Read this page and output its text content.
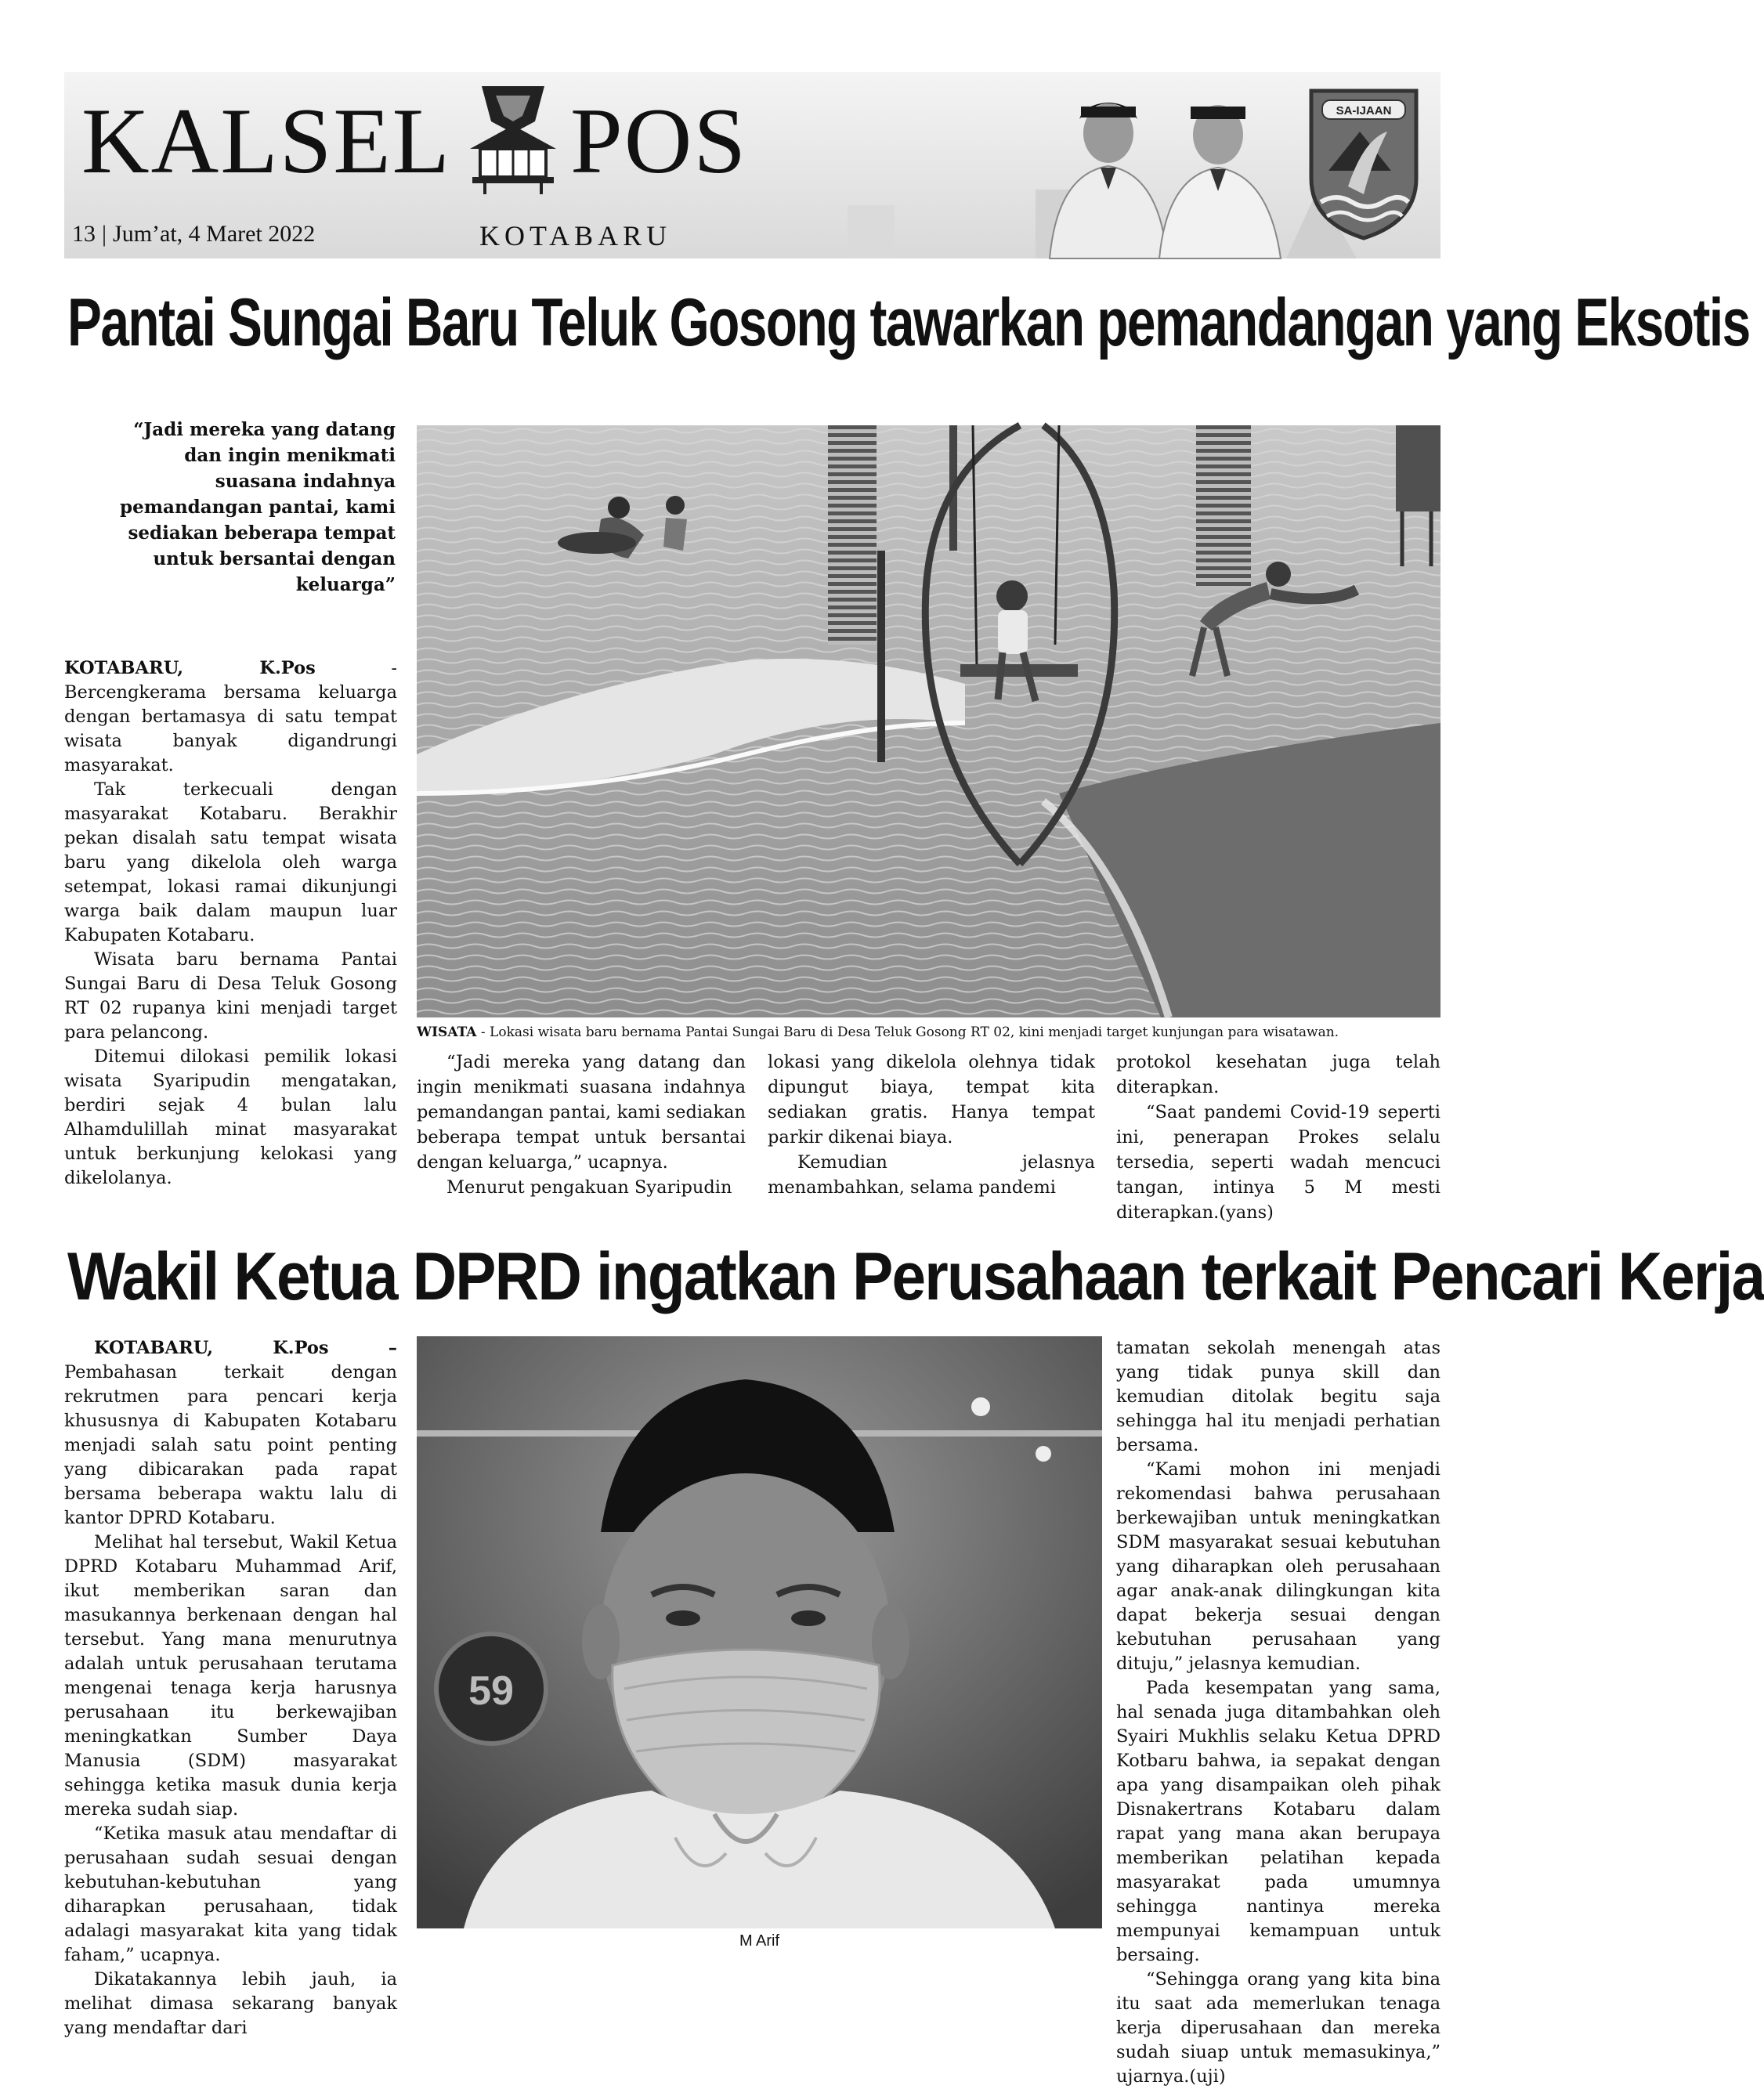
KALSEL POS
13 | Jum’at, 4 Maret 2022	KOTABARU
SA-IJAAN
Pantai Sungai Baru Teluk Gosong tawarkan pemandangan yang Eksotis
“Jadi mereka yang datang dan ingin menikmati suasana indahnya pemandangan pantai, kami sediakan beberapa tempat untuk bersantai dengan keluarga”

KOTABARU, K.Pos - Bercengkerama bersama keluarga dengan bertamasya di satu tempat wisata banyak digandrungi masyarakat.

Tak terkecuali dengan masyarakat Kotabaru. Berakhir pekan disalah satu tempat wisata baru yang dikelola oleh warga setempat, lokasi ramai dikunjungi warga baik dalam maupun luar Kabupaten Kotabaru.

Wisata baru bernama Pantai Sungai Baru di Desa Teluk Gosong RT 02 rupanya kini menjadi target para pelancong.

Ditemui dilokasi pemilik lokasi wisata Syaripudin mengatakan, berdiri sejak 4 bulan lalu Alhamdulillah minat masyarakat untuk berkunjung kelokasi yang dikelolanya.

WISATA - Lokasi wisata baru bernama Pantai Sungai Baru di Desa Teluk Gosong RT 02, kini menjadi target kunjungan para wisatawan.

“Jadi mereka yang datang dan ingin menikmati suasana indahnya pemandangan pantai, kami sediakan beberapa tempat untuk bersantai dengan keluarga,” ucapnya.

Menurut pengakuan Syaripudin

lokasi yang dikelola olehnya tidak dipungut biaya, tempat kita sediakan gratis. Hanya tempat parkir dikenai biaya.

Kemudian jelasnya menambahkan, selama pandemi

protokol kesehatan juga telah diterapkan.

“Saat pandemi Covid-19 seperti ini, penerapan Prokes selalu tersedia, seperti wadah mencuci tangan, intinya 5 M mesti diterapkan.(yans)

Wakil Ketua DPRD ingatkan Perusahaan terkait Pencari Kerja

KOTABARU, K.Pos – Pembahasan terkait dengan rekrutmen para pencari kerja khususnya di Kabupaten Kotabaru menjadi salah satu point penting yang dibicarakan pada rapat bersama beberapa waktu lalu di kantor DPRD Kotabaru.

Melihat hal tersebut, Wakil Ketua DPRD Kotabaru Muhammad Arif, ikut memberikan saran dan masukannya berkenaan dengan hal tersebut. Yang mana menurutnya adalah untuk perusahaan terutama mengenai tenaga kerja harusnya perusahaan itu berkewajiban meningkatkan Sumber Daya Manusia (SDM) masyarakat sehingga ketika masuk dunia kerja mereka sudah siap.

“Ketika masuk atau mendaftar di perusahaan sudah sesuai dengan kebutuhan-kebutuhan yang diharapkan perusahaan, tidak adalagi masyarakat kita yang tidak faham,” ucapnya.

Dikatakannya lebih jauh, ia melihat dimasa sekarang banyak yang mendaftar dari

59
M Arif

tamatan sekolah menengah atas yang tidak punya skill dan kemudian ditolak begitu saja sehingga hal itu menjadi perhatian bersama.

“Kami mohon ini menjadi rekomendasi bahwa perusahaan berkewajiban untuk meningkatkan SDM masyarakat sesuai kebutuhan yang diharapkan oleh perusahaan agar anak-anak dilingkungan kita dapat bekerja sesuai dengan kebutuhan perusahaan yang dituju,” jelasnya kemudian.

Pada kesempatan yang sama, hal senada juga ditambahkan oleh Syairi Mukhlis selaku Ketua DPRD Kotbaru bahwa, ia sepakat dengan apa yang disampaikan oleh pihak Disnakertrans Kotabaru dalam rapat yang mana akan berupaya memberikan pelatihan kepada masyarakat pada umumnya sehingga nantinya mereka mempunyai kemampuan untuk bersaing.

“Sehingga orang yang kita bina itu saat ada memerlukan tenaga kerja diperusahaan dan mereka sudah siuap untuk memasukinya,” ujarnya.(uji)
